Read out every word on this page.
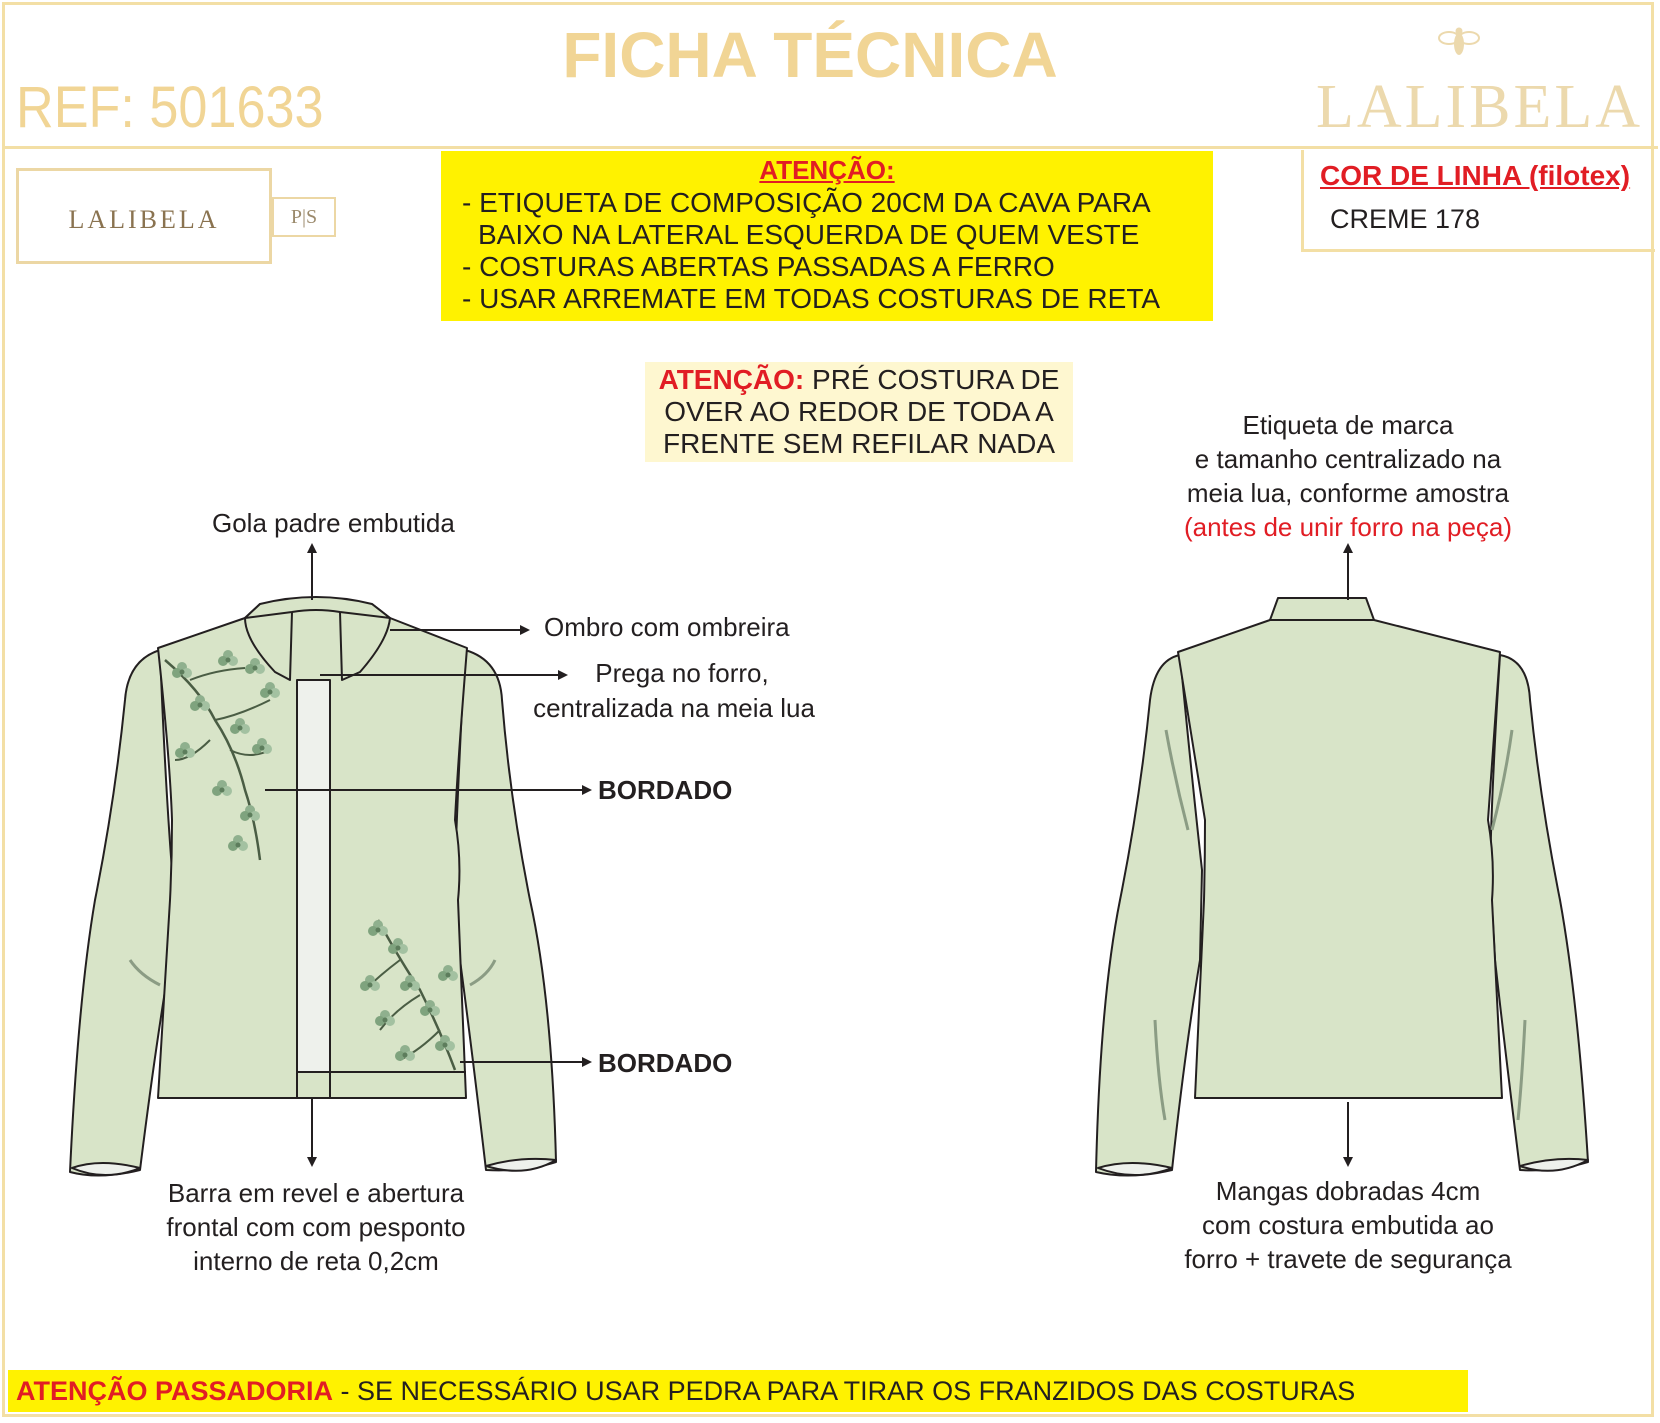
FICHA TÉCNICA
REF: 501633	LALIBELA
LALIBELA	P|S
ATENÇÃO:
- ETIQUETA DE COMPOSIÇÃO 20CM DA CAVA PARA
BAIXO NA LATERAL ESQUERDA DE QUEM VESTE
- COSTURAS ABERTAS PASSADAS A FERRO
- USAR ARREMATE EM TODAS COSTURAS DE RETA
COR DE LINHA (filotex)
CREME 178
ATENÇÃO: PRÉ COSTURA DE
OVER AO REDOR DE TODA A
FRENTE SEM REFILAR NADA
Gola padre embutida
Ombro com ombreira
Prega no forro,
centralizada na meia lua
BORDADO
BORDADO
Barra em revel e abertura
frontal com com pesponto
interno de reta 0,2cm
Etiqueta de marca
e tamanho centralizado na
meia lua, conforme amostra
(antes de unir forro na peça)
Mangas dobradas 4cm
com costura embutida ao
forro + travete de segurança
ATENÇÃO PASSADORIA - SE NECESSÁRIO USAR PEDRA PARA TIRAR OS FRANZIDOS DAS COSTURAS
